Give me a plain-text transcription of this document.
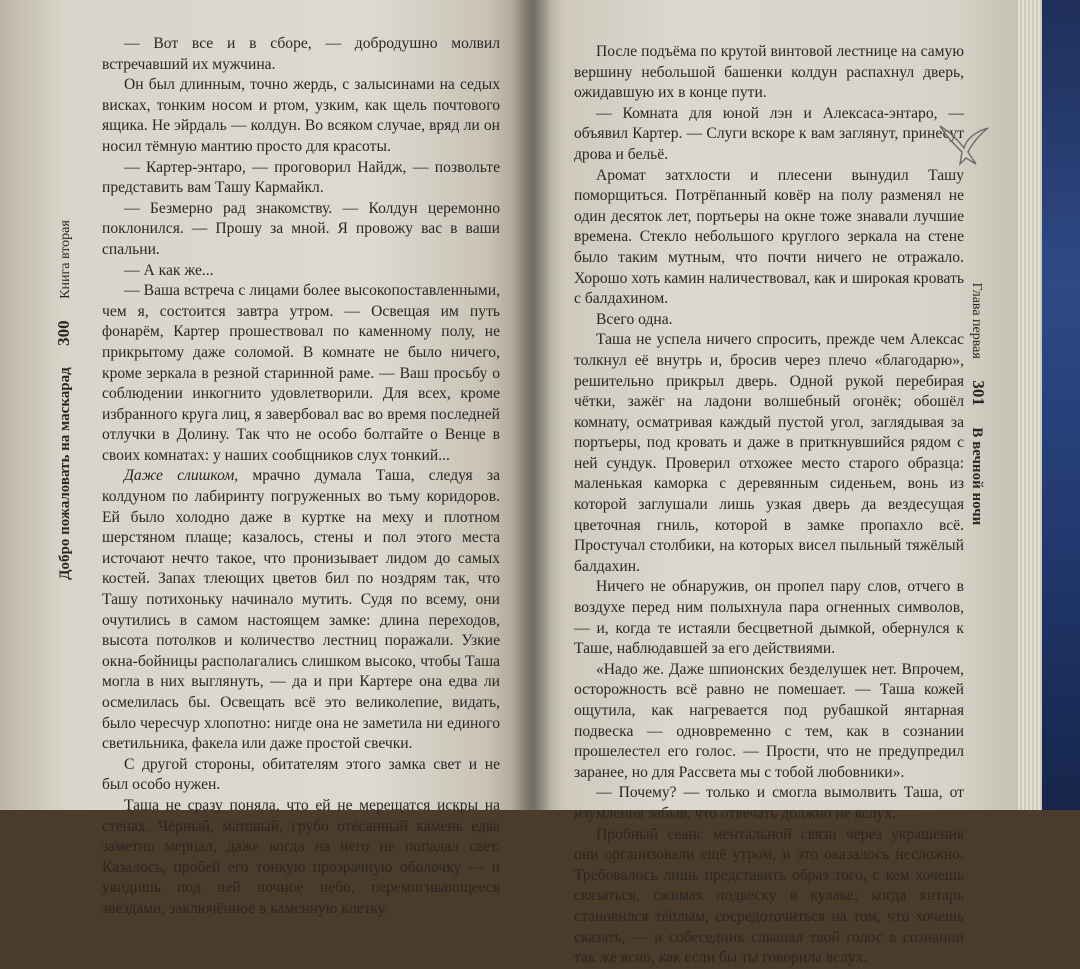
Добро пожаловать на маскарад 300 Книга вторая

— Вот все и в сборе, — добродушно молвил встречавший их мужчина.

Он был длинным, точно жердь, с залысинами на седых висках, тонким носом и ртом, узким, как щель почтового ящика. Не эйрдаль — колдун. Во всяком случае, вряд ли он носил тёмную мантию просто для красоты.

— Картер-энтаро, — проговорил Найдж, — позвольте представить вам Ташу Кармайкл.

— Безмерно рад знакомству. — Колдун церемонно поклонился. — Прошу за мной. Я провожу вас в ваши спальни.

— А как же...

— Ваша встреча с лицами более высокопоставленными, чем я, состоится завтра утром. — Освещая им путь фонарём, Картер прошествовал по каменному полу, не прикрытому даже соломой. В комнате не было ничего, кроме зеркала в резной старинной раме. — Ваш просьбу о соблюдении инкогнито удовлетворили. Для всех, кроме избранного круга лиц, я завербовал вас во время последней отлучки в Долину. Так что не особо болтайте о Венце в своих комнатах: у наших сообщников слух тонкий...

Даже слишком, мрачно думала Таша, следуя за колдуном по лабиринту погруженных во тьму коридоров. Ей было холодно даже в куртке на меху и плотном шерстяном плаще; казалось, стены и пол этого места источают нечто такое, что пронизывает лидом до самых костей. Запах тлеющих цветов бил по ноздрям так, что Ташу потихоньку начинало мутить. Судя по всему, они очутились в самом настоящем замке: длина переходов, высота потолков и количество лестниц поражали. Узкие окна-бойницы располагались слишком высоко, чтобы Таша могла в них выглянуть, — да и при Картере она едва ли осмелилась бы. Освещать всё это великолепие, видать, было чересчур хлопотно: нигде она не заметила ни единого светильника, факела или даже простой свечки.

С другой стороны, обитателям этого замка свет и не был особо нужен.

Таша не сразу поняла, что ей не мерещатся искры на стенах. Чёрный, матовый, грубо отёсанный камень едва заметно мерцал, даже когда на него не попадал свет. Казалось, пробей его тонкую прозрачную оболочку — и увидишь под ней ночное небо, перемигивающееся звёздами, заключённое в каменную клетку.

После подъёма по крутой винтовой лестнице на самую вершину небольшой башенки колдун распахнул дверь, ожидавшую их в конце пути.

— Комната для юной лэн и Алексаса-энтаро, — объявил Картер. — Слуги вскоре к вам заглянут, принесут дрова и бельё.

Аромат затхлости и плесени вынудил Ташу поморщиться. Потрёпанный ковёр на полу разменял не один десяток лет, портьеры на окне тоже знавали лучшие времена. Стекло небольшого круглого зеркала на стене было таким мутным, что почти ничего не отражало. Хорошо хоть камин наличествовал, как и широкая кровать с балдахином.

Всего одна.

Таша не успела ничего спросить, прежде чем Алексас толкнул её внутрь и, бросив через плечо «благодарю», решительно прикрыл дверь. Одной рукой перебирая чётки, зажёг на ладони волшебный огонёк; обошёл комнату, осматривая каждый пустой угол, заглядывая за портьеры, под кровать и даже в приткнувшийся рядом с ней сундук. Проверил отхожее место старого образца: маленькая каморка с деревянным сиденьем, вонь из которой заглушали лишь узкая дверь да вездесущая цветочная гниль, которой в замке пропахло всё. Простучал столбики, на которых висел пыльный тяжёлый балдахин.

Ничего не обнаружив, он пропел пару слов, отчего в воздухе перед ним полыхнула пара огненных символов, — и, когда те истаяли бесцветной дымкой, обернулся к Таше, наблюдавшей за его действиями.

«Надо же. Даже шпионских безделушек нет. Впрочем, осторожность всё равно не помешает. — Таша кожей ощутила, как нагревается под рубашкой янтарная подвеска — одновременно с тем, как в сознании прошелестел его голос. — Прости, что не предупредил заранее, но для Рассвета мы с тобой любовники».

— Почему? — только и смогла вымолвить Таша, от изумления забыв, что отвечать должно не вслух.

Пробный сеанс ментальной связи через украшения они организовали ещё утром, и это оказалось несложно. Требовалось лишь представить образ того, с кем хочешь связаться, сжимая подвеску в кулаке; когда янтарь становился тёплым, сосредоточиться на том, что хочешь сказать, — и собеседник слышал твой голос в сознании так же ясно, как если бы ты говорила вслух.

Глава первая 301 В вечной ночи
